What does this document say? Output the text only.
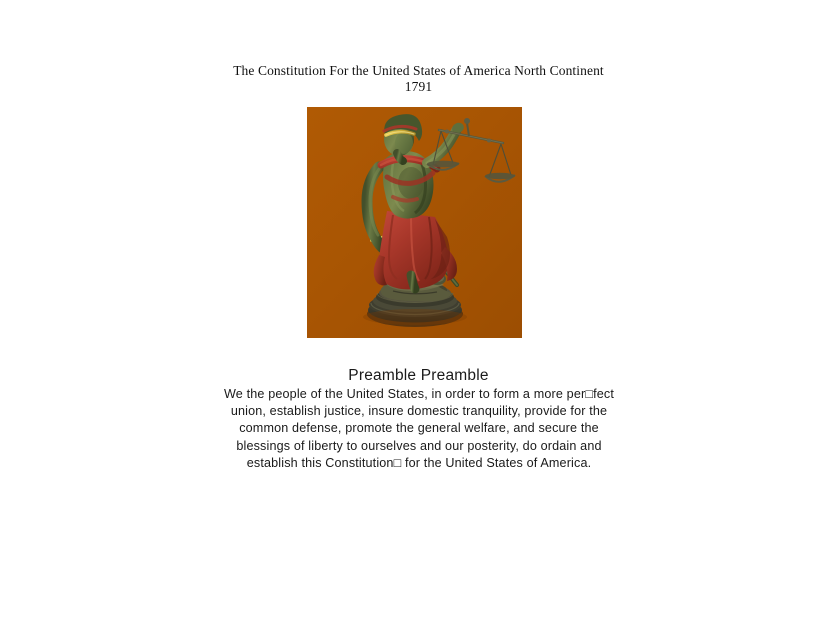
The Constitution For the United States of America North Continent
1791
Preamble Preamble

We the people of the United States, in order to form a more per□fect union, establish justice, insure domestic tranquility, provide for the common defense, promote the general welfare, and secure the blessings of liberty to ourselves and our posterity, do ordain and establish this Constitution□ for the United States of America.
